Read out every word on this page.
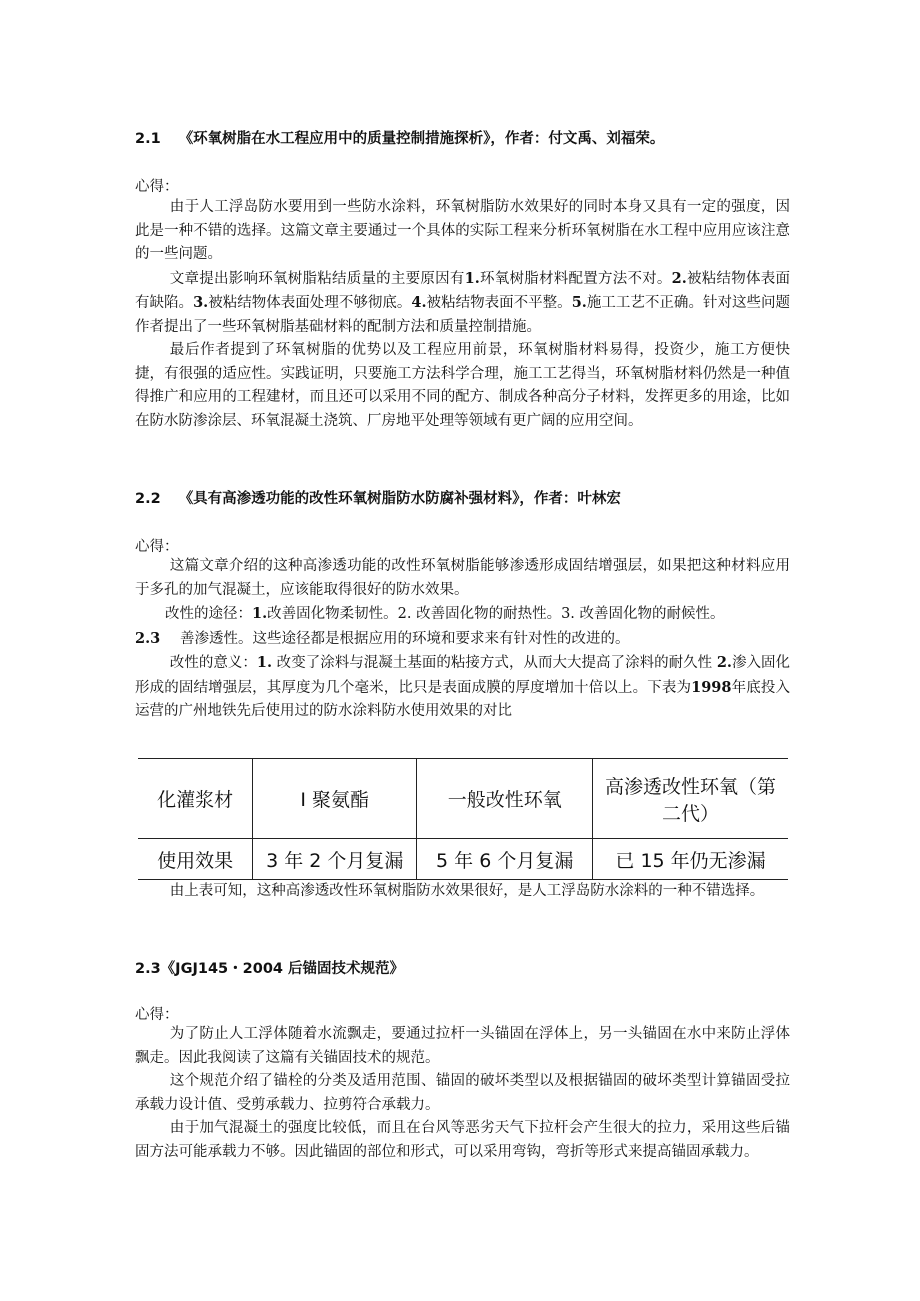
2.1 《环氧树脂在水工程应用中的质量控制措施探析》，作者：付文禹、刘福荣。
心得：

由于人工浮岛防水要用到一些防水涂料，环氧树脂防水效果好的同时本身又具有一定的强度，因此是一种不错的选择。这篇文章主要通过一个具体的实际工程来分析环氧树脂在水工程中应用应该注意的一些问题。

文章提出影响环氧树脂粘结质量的主要原因有1.环氧树脂材料配置方法不对。2.被粘结物体表面有缺陷。3.被粘结物体表面处理不够彻底。4.被粘结物表面不平整。5.施工工艺不正确。针对这些问题作者提出了一些环氧树脂基础材料的配制方法和质量控制措施。

最后作者提到了环氧树脂的优势以及工程应用前景，环氧树脂材料易得，投资少，施工方便快捷，有很强的适应性。实践证明，只要施工方法科学合理，施工工艺得当，环氧树脂材料仍然是一种值得推广和应用的工程建材，而且还可以采用不同的配方、制成各种高分子材料，发挥更多的用途，比如在防水防渗涂层、环氧混凝土浇筑、厂房地平处理等领域有更广阔的应用空间。

2.2 《具有高渗透功能的改性环氧树脂防水防腐补强材料》，作者：叶林宏
心得：

这篇文章介绍的这种高渗透功能的改性环氧树脂能够渗透形成固结增强层，如果把这种材料应用于多孔的加气混凝土，应该能取得很好的防水效果。

改性的途径：1.改善固化物柔韧性。2. 改善固化物的耐热性。3. 改善固化物的耐候性。
2.3 善渗透性。这些途径都是根据应用的环境和要求来有针对性的改进的。

改性的意义：1. 改变了涂料与混凝土基面的粘接方式，从而大大提高了涂料的耐久性 2.渗入固化形成的固结增强层，其厚度为几个毫米，比只是表面成膜的厚度增加十倍以上。下表为1998年底投入运营的广州地铁先后使用过的防水涂料防水使用效果的对比

化灌浆材	I 聚氨酯	一般改性环氧	高渗透改性环氧（第二代）
使用效果	3 年 2 个月复漏	5 年 6 个月复漏	已 15 年仍无渗漏
由上表可知，这种高渗透改性环氧树脂防水效果很好，是人工浮岛防水涂料的一种不错选择。
2.3《JGJ145・2004 后锚固技术规范》
心得：

为了防止人工浮体随着水流飘走，要通过拉杆一头锚固在浮体上，另一头锚固在水中来防止浮体飘走。因此我阅读了这篇有关锚固技术的规范。

这个规范介绍了锚栓的分类及适用范围、锚固的破坏类型以及根据锚固的破坏类型计算锚固受拉承载力设计值、受剪承载力、拉剪符合承载力。

由于加气混凝土的强度比较低，而且在台风等恶劣天气下拉杆会产生很大的拉力，采用这些后锚固方法可能承载力不够。因此锚固的部位和形式，可以采用弯钩，弯折等形式来提高锚固承载力。
